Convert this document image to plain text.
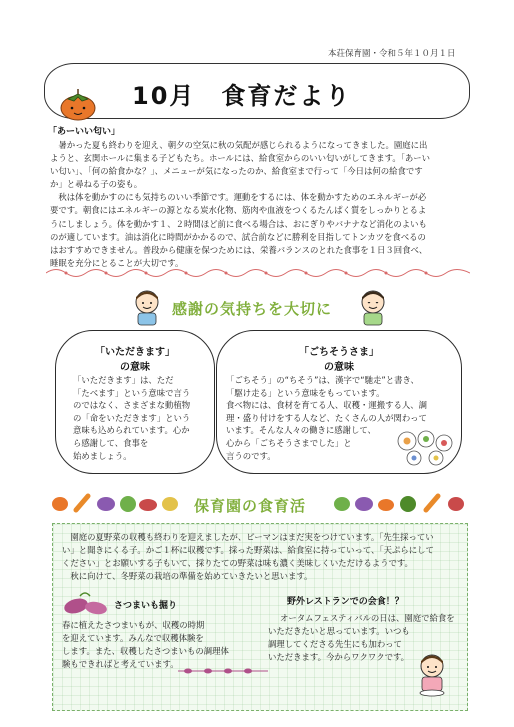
本荘保育園・令和５年１０月１日
10月　食育だより
「あーいい匂い」
　暑かった夏も終わりを迎え、朝夕の空気に秋の気配が感じられるようになってきました。園庭に出
ようと、玄関ホールに集まる子どもたち。ホールには、給食室からのいい匂いがしてきます。「あーい
い匂い」、「何の給食かな？」、メニューが気になったのか、給食室まで行って「今日は何の給食です
か」と尋ねる子の姿も。
　秋は体を動かすのにも気持ちのいい季節です。運動をするには、体を動かすためのエネルギーが必
要です。朝食にはエネルギーの源となる炭水化物、筋肉や血液をつくるたんぱく質をしっかりとるよ
うにしましょう。体を動かす１、２時間ほど前に食べる場合は、おにぎりやバナナなど消化のよいも
のが適しています。油は消化に時間がかかるので、試合前などに勝利を目指してトンカツを食べるの
はおすすめできません。普段から健康を保つためには、栄養バランスのとれた食事を１日３回食べ、
睡眠を充分にとることが大切です。
感謝の気持ちを大切に
「いただきます」
の意味
「いただきます」は、ただ
「たべます」という意味で言う
のではなく、さまざまな動植物
の「命をいただきます」という
意味も込められています。心か
ら感謝して、食事を
始めましょう。
「ごちそうさま」
の意味
「ごちそう」の“ちそう”は、漢字で“馳走”と書き、
「駆け走る」という意味をもっています。
食べ物には、食材を育てる人、収穫・運搬する人、調
理・盛り付けをする人など、たくさんの人が関わって
います。そんな人々の働きに感謝して、
心から「ごちそうさまでした」と
言うのです。
保育園の食育活
　園庭の夏野菜の収穫も終わりを迎えましたが、ピーマンはまだ実をつけています。「先生採ってい
い」と聞きにくる子。かご１杯に収穫です。採った野菜は、給食室に持っていって、「天ぷらにして
ください」とお願いする子もいて、採りたての野菜は味も濃く美味しくいただけるようです。
　秋に向けて、冬野菜の栽培の準備を始めていきたいと思います。
さつまいも掘り
春に植えたさつまいもが、収穫の時期
を迎えています。みんなで収穫体験を
します。また、収穫したさつまいもの調理体
験もできればと考えています。
野外レストランでの会食！？
オータムフェスティバルの日は、園庭で給食を
いただきたいと思っています。いつも
調理してくださる先生にも加わって
いただきます。今からワクワクです。
